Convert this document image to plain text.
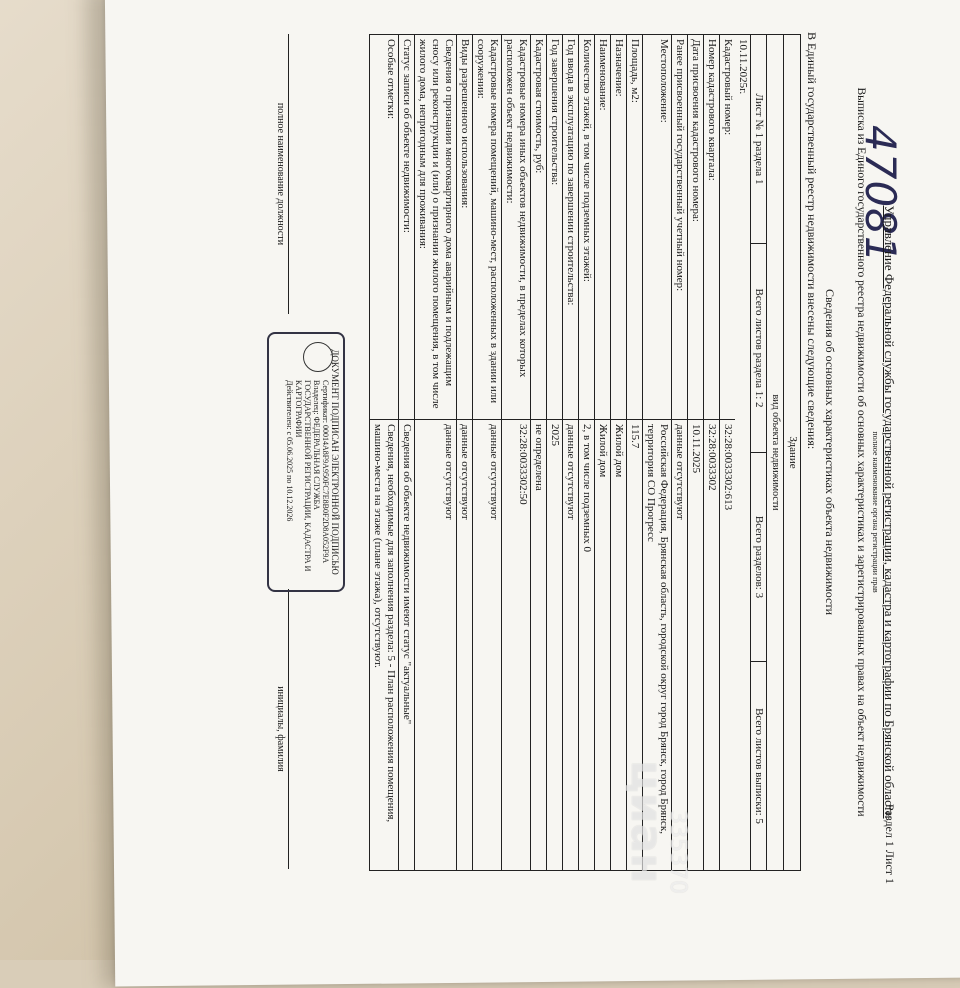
47081
Раздел 1 Лист 1
Управление Федеральной службы государственной регистрации, кадастра и картографии по Брянской области
полное наименование органа регистрации прав
Выписка из Единого государственного реестра недвижимости об основных характеристиках и зарегистрированных правах на объект недвижимости
Сведения об основных характеристиках объекта недвижимости
В Единый государственный реестр недвижимости внесены следующие сведения:
Здание
вид объекта недвижимости
Лист № 1 раздела 1
Всего листов раздела 1: 2
Всего разделов: 3
Всего листов выписки: 5
10.11.2025г.
Кадастровый номер:
32:28:0033302:613
Номер кадастрового квартала:
32:28:0033302
Дата присвоения кадастрового номера:
10.11.2025
Ранее присвоенный государственный учетный номер:
данные отсутствуют
Местоположение:
Российская Федерация, Брянская область, городской округ город Брянск, город Брянск, территория СО Прогресс
Площадь, м2:
115.7
Назначение:
Жилой дом
Наименование:
Жилой дом
Количество этажей, в том числе подземных этажей:
2, в том числе подземных 0
Год ввода в эксплуатацию по завершении строительства:
данные отсутствуют
Год завершения строительства:
2025
Кадастровая стоимость, руб:
не определена
Кадастровые номера иных объектов недвижимости, в пределах которых расположен объект недвижимости:
32:28:0033302:50
Кадастровые номера помещений, машино-мест, расположенных в здании или сооружении:
данные отсутствуют
Виды разрешенного использования:
данные отсутствуют
Сведения о признании многоквартирного дома аварийным и подлежащим сносу или реконструкции и (или) о признании жилого помещения, в том числе жилого дома, непригодным для проживания:
данные отсутствуют
Статус записи об объекте недвижимости:
Сведения об объекте недвижимости имеют статус "актуальные"
Особые отметки:
Сведения, необходимые для заполнения раздела: 5 - План расположения помещения, машино-места на этаже (плане этажа), отсутствуют.
полное наименование должности
инициалы, фамилия
ДОКУМЕНТ ПОДПИСАН ЭЛЕКТРОННОЙ ПОДПИСЬЮ
Сертификат: 00014A8F9A950FC7E8B0F2D8A052F9A
Владелец: ФЕДЕРАЛЬНАЯ СЛУЖБА ГОСУДАРСТВЕННОЙ РЕГИСТРАЦИИ, КАДАСТРА И КАРТОГРАФИИ
Действителен: с 05.06.2025 по 10.12.2026
циан
335370
